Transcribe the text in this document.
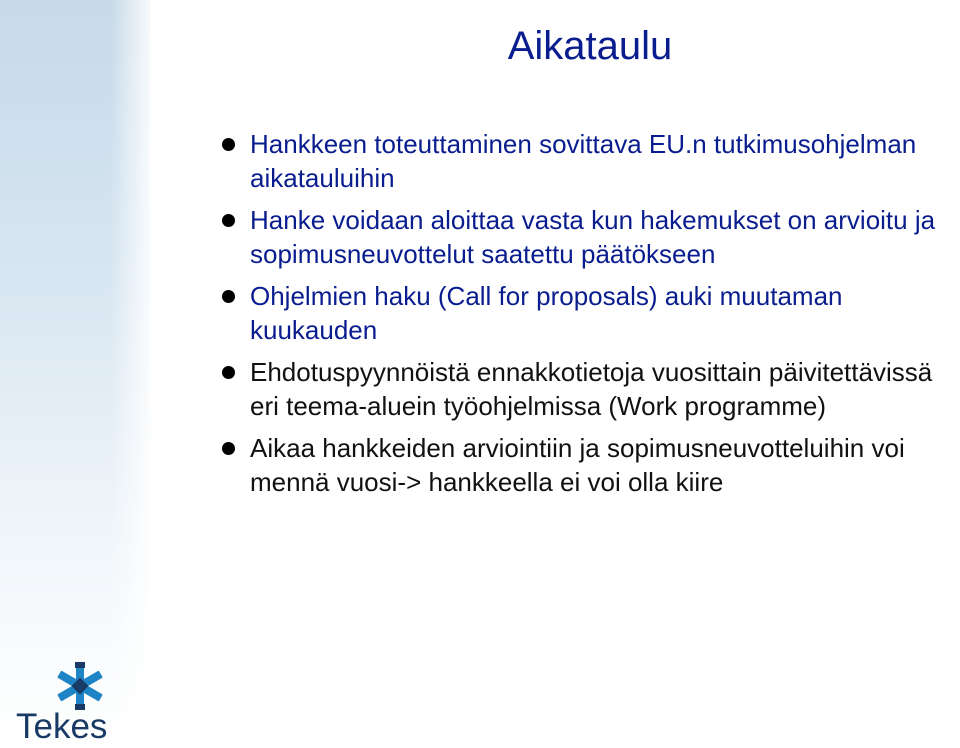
Aikataulu
Hankkeen toteuttaminen sovittava EU.n tutkimusohjelman aikatauluihin
Hanke voidaan aloittaa vasta kun hakemukset on arvioitu ja sopimusneuvottelut saatettu päätökseen
Ohjelmien haku (Call for proposals) auki muutaman kuukauden
Ehdotuspyynnöistä ennakkotietoja vuosittain päivitettävissä eri teema-aluein työohjelmissa (Work programme)
Aikaa hankkeiden arviointiin ja sopimusneuvotteluihin voi mennä vuosi-> hankkeella ei voi olla kiire
Tekes
